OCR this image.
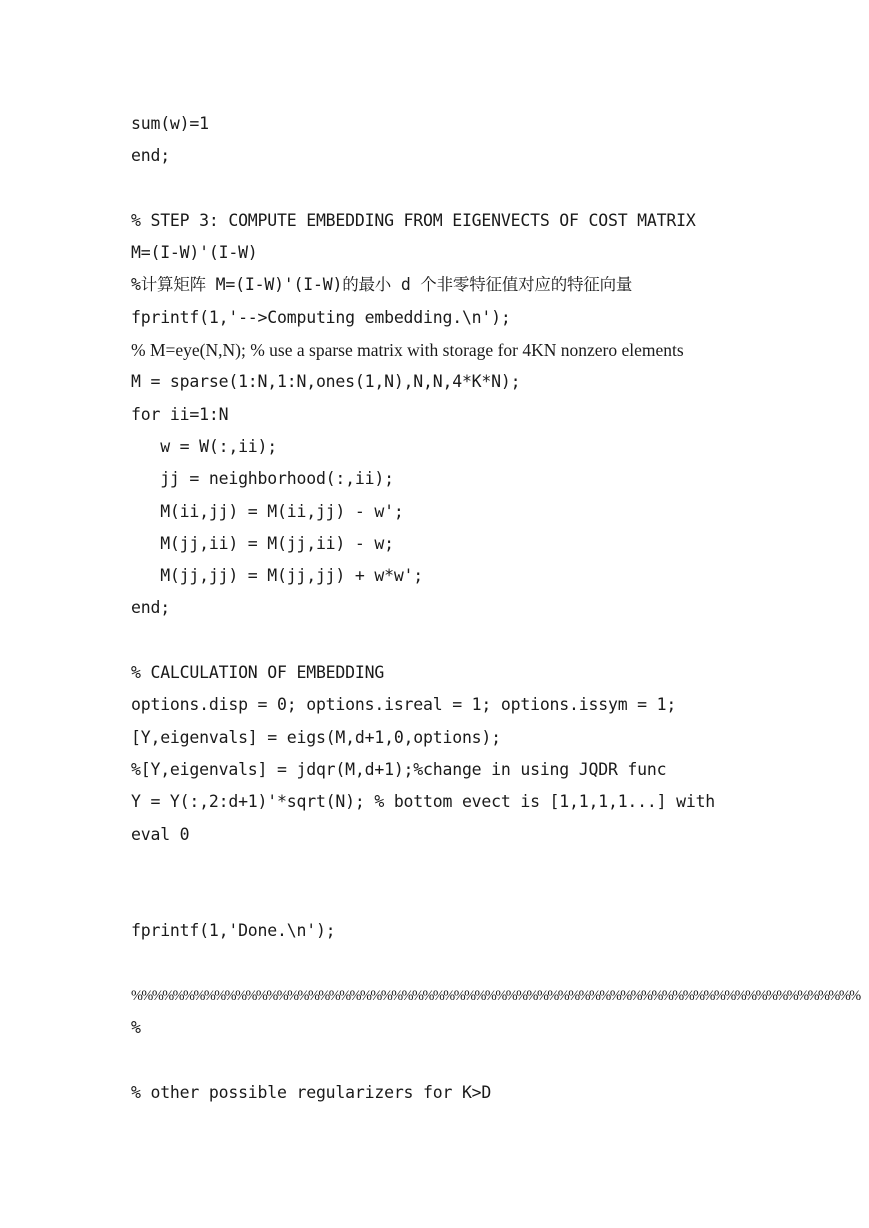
sum(w)=1
end;
% STEP 3: COMPUTE EMBEDDING FROM EIGENVECTS OF COST MATRIX
M=(I-W)'(I-W)
%计算矩阵 M=(I-W)'(I-W)的最小 d 个非零特征值对应的特征向量
fprintf(1,'-->Computing embedding.\n');
% M=eye(N,N); % use a sparse matrix with storage for 4KN nonzero elements
M = sparse(1:N,1:N,ones(1,N),N,N,4*K*N);
for ii=1:N
w = W(:,ii);
jj = neighborhood(:,ii);
M(ii,jj) = M(ii,jj) - w';
M(jj,ii) = M(jj,ii) - w;
M(jj,jj) = M(jj,jj) + w*w';
end;
% CALCULATION OF EMBEDDING
options.disp = 0; options.isreal = 1; options.issym = 1;
[Y,eigenvals] = eigs(M,d+1,0,options);
%[Y,eigenvals] = jdqr(M,d+1);%change in using JQDR func
Y = Y(:,2:d+1)'*sqrt(N); % bottom evect is [1,1,1,1...] with
eval 0
fprintf(1,'Done.\n');
%%%%%%%%%%%%%%%%%%%%%%%%%%%%%%%%%%%%%%%%%%%%%%%%%%%%%%%%%%%%%%%%%%%%%%
%
% other possible regularizers for K>D
